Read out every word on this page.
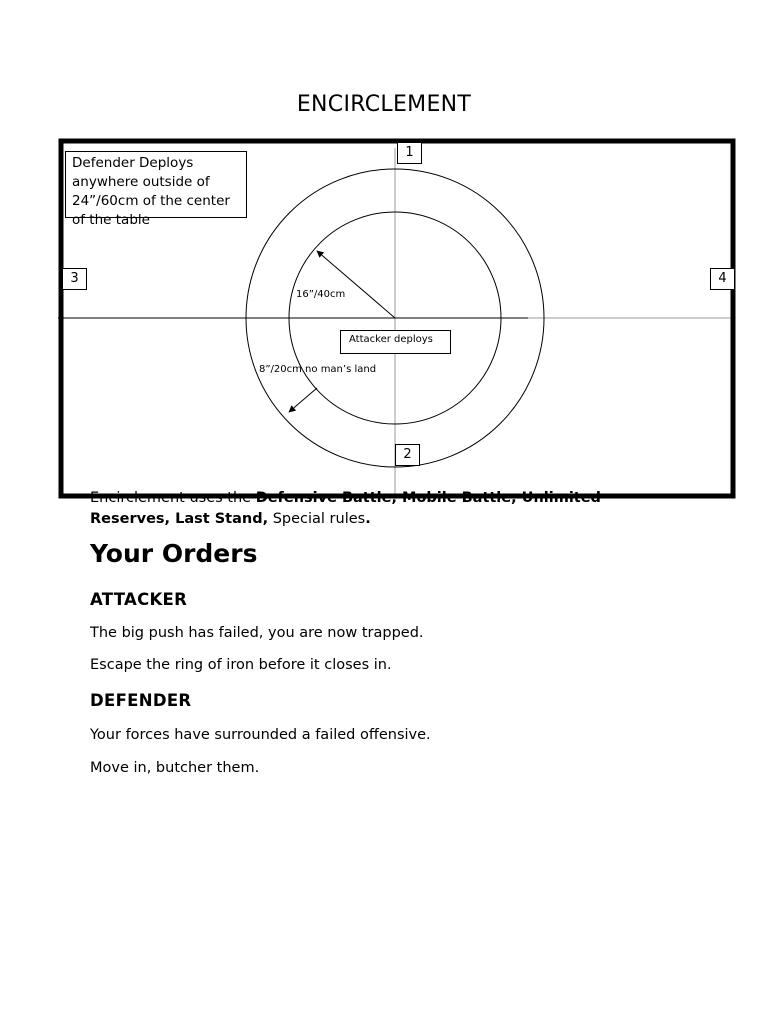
ENCIRCLEMENT
Encirclement uses the Defensive Battle, Mobile Battle, Unlimited
Reserves, Last Stand, Special rules.
Defender Deploys anywhere outside of 24”/60cm of the center of the table
Attacker deploys
16”/40cm
8”/20cm no man’s land
1
2
3	4
Your Orders
ATTACKER

The big push has failed, you are now trapped.

Escape the ring of iron before it closes in.

DEFENDER

Your forces have surrounded a failed offensive.

Move in, butcher them.
